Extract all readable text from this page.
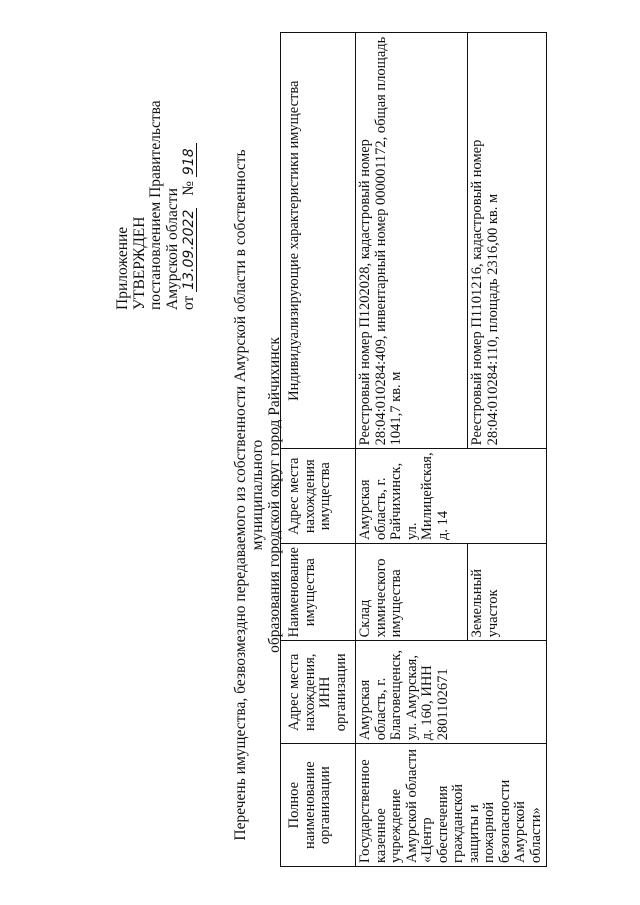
Приложение УТВЕРЖДЕН постановлением Правительства Амурской области от 13.09.2022 № 918 Перечень имущества, безвозмездно передаваемого из собственности Амурской области в собственность муниципального образования городской округ город Райчихинск
Полное наименование организации	Адрес места нахождения, ИНН организации	Наименование имущества	Адрес места нахождения имущества	Индивидуализирующие характеристики имущества
Государственное казенное учреждение Амурской области «Центр обеспечения гражданской защиты и пожарной безопасности Амурской области»	Амурская область, г. Благовещенск, ул. Амурская, д. 160, ИНН 2801102671	Склад химического имущества	Амурская область, г. Райчихинск, ул. Милицейская, д. 14	Реестровый номер П1202028, кадастровый номер 28:04:010284:409, инвентарный номер 000001172, общая площадь 1041,7 кв. м
		Земельный участок		Реестровый номер П1101216, кадастровый номер 28:04:010284:110, площадь 2316,00 кв. м
